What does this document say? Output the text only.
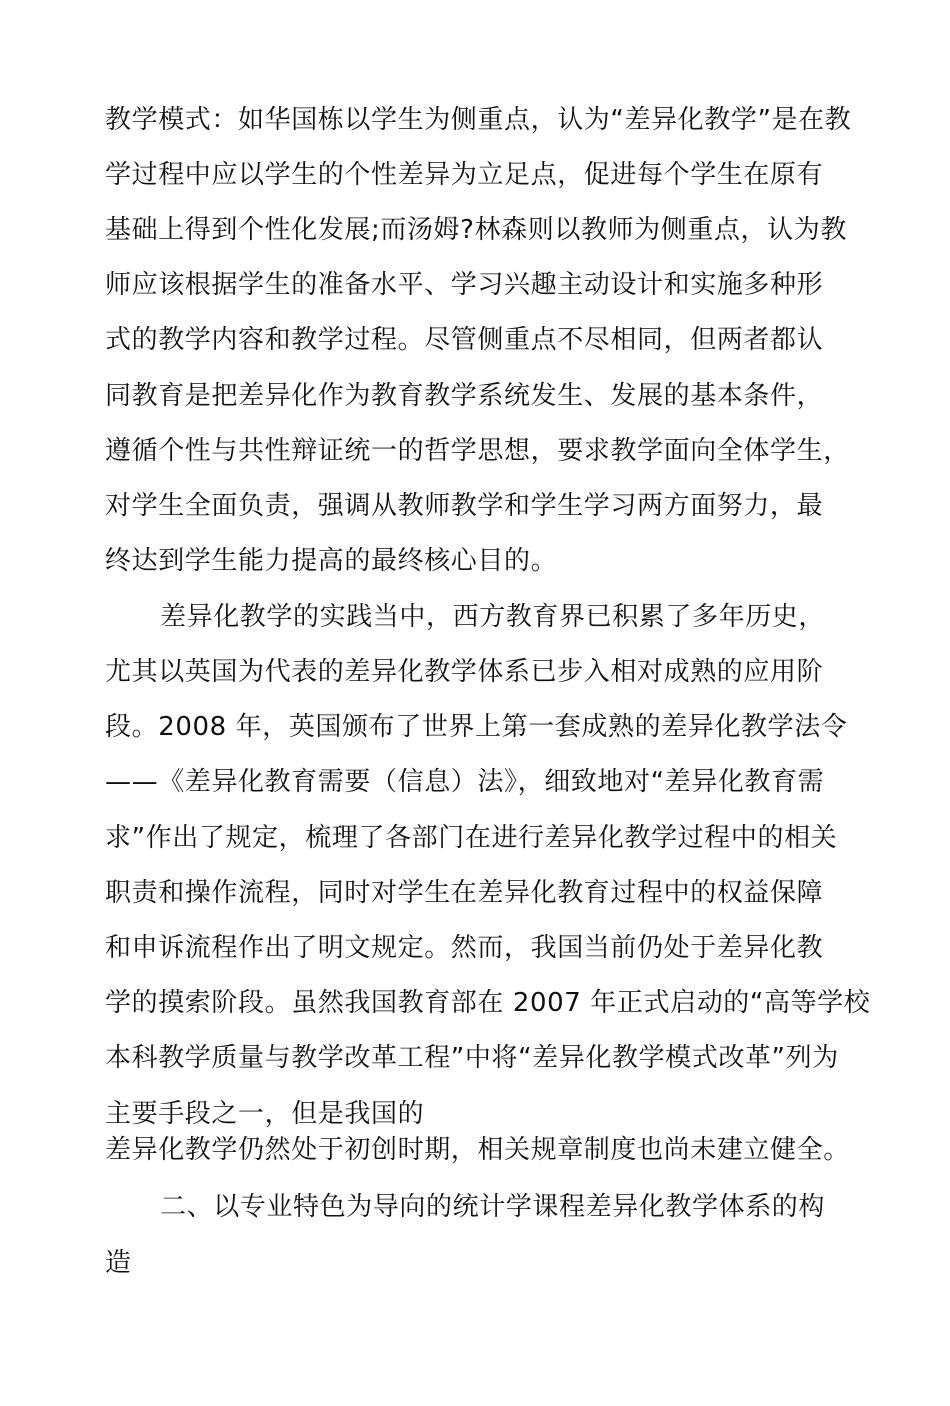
教学模式：如华国栋以学生为侧重点，认为“差异化教学”是在教
学过程中应以学生的个性差异为立足点，促进每个学生在原有
基础上得到个性化发展;而汤姆?林森则以教师为侧重点，认为教
师应该根据学生的准备水平、学习兴趣主动设计和实施多种形
式的教学内容和教学过程。尽管侧重点不尽相同，但两者都认
同教育是把差异化作为教育教学系统发生、发展的基本条件，
遵循个性与共性辩证统一的哲学思想，要求教学面向全体学生，
对学生全面负责，强调从教师教学和学生学习两方面努力，最
终达到学生能力提高的最终核心目的。
差异化教学的实践当中，西方教育界已积累了多年历史，
尤其以英国为代表的差异化教学体系已步入相对成熟的应用阶
段。2008 年，英国颁布了世界上第一套成熟的差异化教学法令
——《差异化教育需要（信息）法》，细致地对“差异化教育需
求”作出了规定，梳理了各部门在进行差异化教学过程中的相关
职责和操作流程，同时对学生在差异化教育过程中的权益保障
和申诉流程作出了明文规定。然而，我国当前仍处于差异化教
学的摸索阶段。虽然我国教育部在 2007 年正式启动的“高等学校
本科教学质量与教学改革工程”中将“差异化教学模式改革”列为
主要手段之一，但是我国的
差异化教学仍然处于初创时期，相关规章制度也尚未建立健全。
二、以专业特色为导向的统计学课程差异化教学体系的构
造
